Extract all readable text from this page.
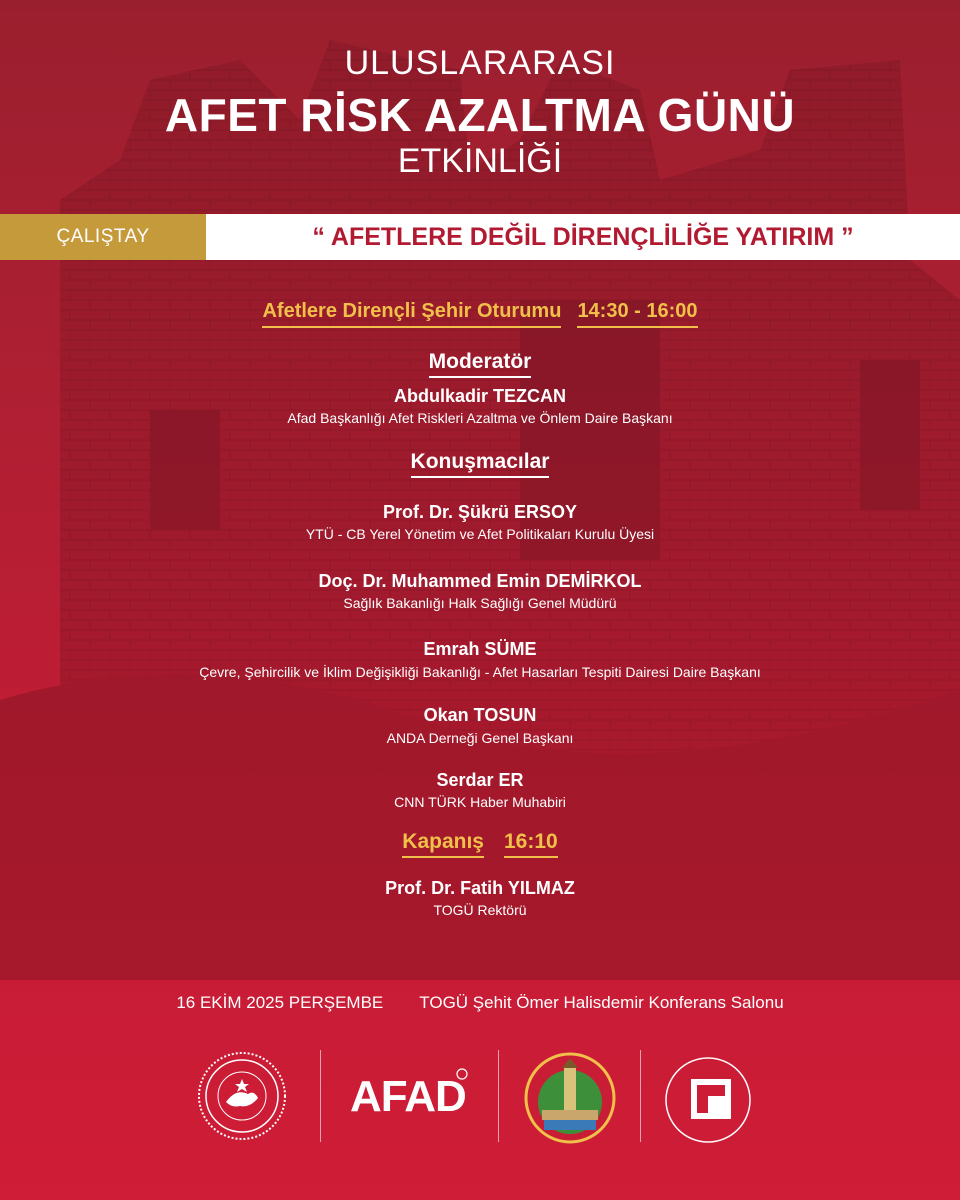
ULUSLARARASI
AFET RİSK AZALTMA GÜNÜ
ETKİNLİĞİ
ÇALIŞTAY	“ AFETLERE DEĞİL DİRENÇLİLİĞE YATIRIM ”
Afetlere Dirençli Şehir Oturumu 14:30 - 16:00
Moderatör
Abdulkadir TEZCAN
Afad Başkanlığı Afet Riskleri Azaltma ve Önlem Daire Başkanı
Konuşmacılar
Prof. Dr. Şükrü ERSOY
YTÜ - CB Yerel Yönetim ve Afet Politikaları Kurulu Üyesi
Doç. Dr. Muhammed Emin DEMİRKOL
Sağlık Bakanlığı Halk Sağlığı Genel Müdürü
Emrah SÜME
Çevre, Şehircilik ve İklim Değişikliği Bakanlığı - Afet Hasarları Tespiti Dairesi Daire Başkanı
Okan TOSUN
ANDA Derneği Genel Başkanı
Serdar ER
CNN TÜRK Haber Muhabiri
Kapanış 16:10
Prof. Dr. Fatih YILMAZ
TOGÜ Rektörü
16 EKİM 2025 PERŞEMBE TOGÜ Şehit Ömer Halisdemir Konferans Salonu
AFAD
